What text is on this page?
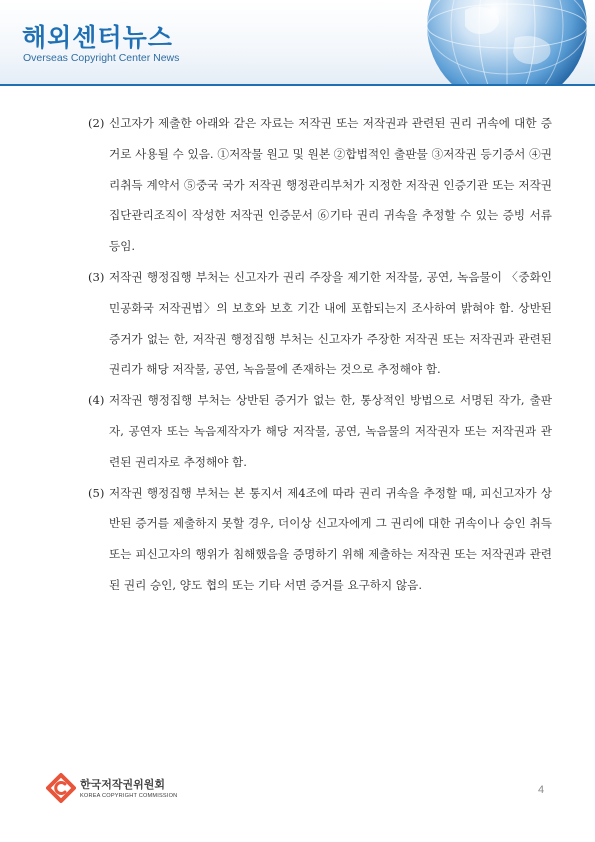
해외센터뉴스
Overseas Copyright Center News
(2) 신고자가 제출한 아래와 같은 자료는 저작권 또는 저작권과 관련된 권리 귀속에 대한 증거로 사용될 수 있음. ①저작물 원고 및 원본 ②합법적인 출판물 ③저작권 등기증서 ④권리취득 계약서 ⑤중국 국가 저작권 행정관리부처가 지정한 저작권 인증기관 또는 저작권 집단관리조직이 작성한 저작권 인증문서 ⑥기타 권리 귀속을 추정할 수 있는 증빙 서류 등임.
(3) 저작권 행정집행 부처는 신고자가 권리 주장을 제기한 저작물, 공연, 녹음물이 〈중화인민공화국 저작권법〉의 보호와 보호 기간 내에 포함되는지 조사하여 밝혀야 함. 상반된 증거가 없는 한, 저작권 행정집행 부처는 신고자가 주장한 저작권 또는 저작권과 관련된 권리가 해당 저작물, 공연, 녹음물에 존재하는 것으로 추정해야 함.
(4) 저작권 행정집행 부처는 상반된 증거가 없는 한, 통상적인 방법으로 서명된 작가, 출판자, 공연자 또는 녹음제작자가 해당 저작물, 공연, 녹음물의 저작권자 또는 저작권과 관련된 권리자로 추정해야 함.
(5) 저작권 행정집행 부처는 본 통지서 제4조에 따라 권리 귀속을 추정할 때, 피신고자가 상반된 증거를 제출하지 못할 경우, 더이상 신고자에게 그 권리에 대한 귀속이나 승인 취득 또는 피신고자의 행위가 침해했음을 증명하기 위해 제출하는 저작권 또는 저작권과 관련된 권리 승인, 양도 협의 또는 기타 서면 증거를 요구하지 않음.
한국저작권위원회
KOREA COPYRIGHT COMMISSION	4
